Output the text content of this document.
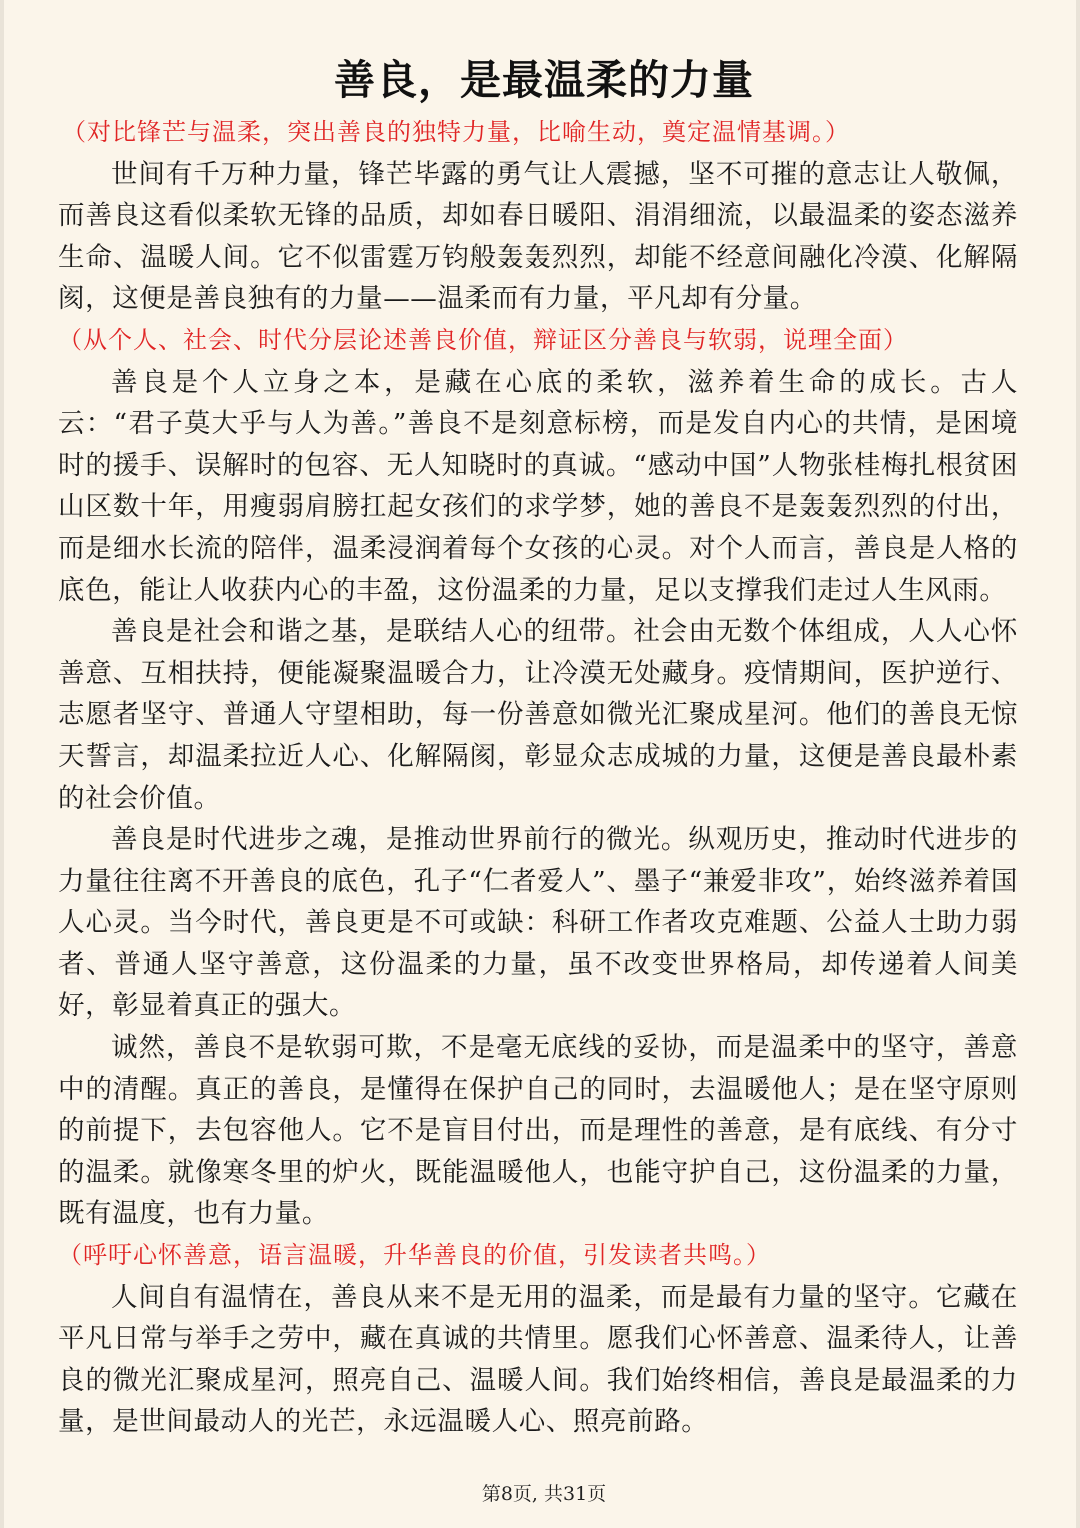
善良，是最温柔的力量

（对比锋芒与温柔，突出善良的独特力量，比喻生动，奠定温情基调。）

世间有千万种力量，锋芒毕露的勇气让人震撼，坚不可摧的意志让人敬佩，而善良这看似柔软无锋的品质，却如春日暖阳、涓涓细流，以最温柔的姿态滋养生命、温暖人间。它不似雷霆万钧般轰轰烈烈，却能不经意间融化冷漠、化解隔阂，这便是善良独有的力量——温柔而有力量，平凡却有分量。

（从个人、社会、时代分层论述善良价值，辩证区分善良与软弱，说理全面）

善良是个人立身之本，是藏在心底的柔软，滋养着生命的成长。古人云：“君子莫大乎与人为善。”善良不是刻意标榜，而是发自内心的共情，是困境时的援手、误解时的包容、无人知晓时的真诚。“感动中国”人物张桂梅扎根贫困山区数十年，用瘦弱肩膀扛起女孩们的求学梦，她的善良不是轰轰烈烈的付出，而是细水长流的陪伴，温柔浸润着每个女孩的心灵。对个人而言，善良是人格的底色，能让人收获内心的丰盈，这份温柔的力量，足以支撑我们走过人生风雨。

善良是社会和谐之基，是联结人心的纽带。社会由无数个体组成，人人心怀善意、互相扶持，便能凝聚温暖合力，让冷漠无处藏身。疫情期间，医护逆行、志愿者坚守、普通人守望相助，每一份善意如微光汇聚成星河。他们的善良无惊天誓言，却温柔拉近人心、化解隔阂，彰显众志成城的力量，这便是善良最朴素的社会价值。

善良是时代进步之魂，是推动世界前行的微光。纵观历史，推动时代进步的力量往往离不开善良的底色，孔子“仁者爱人”、墨子“兼爱非攻”，始终滋养着国人心灵。当今时代，善良更是不可或缺：科研工作者攻克难题、公益人士助力弱者、普通人坚守善意，这份温柔的力量，虽不改变世界格局，却传递着人间美好，彰显着真正的强大。

诚然，善良不是软弱可欺，不是毫无底线的妥协，而是温柔中的坚守，善意中的清醒。真正的善良，是懂得在保护自己的同时，去温暖他人；是在坚守原则的前提下，去包容他人。它不是盲目付出，而是理性的善意，是有底线、有分寸的温柔。就像寒冬里的炉火，既能温暖他人，也能守护自己，这份温柔的力量，既有温度，也有力量。

（呼吁心怀善意，语言温暖，升华善良的价值，引发读者共鸣。）

人间自有温情在，善良从来不是无用的温柔，而是最有力量的坚守。它藏在平凡日常与举手之劳中，藏在真诚的共情里。愿我们心怀善意、温柔待人，让善良的微光汇聚成星河，照亮自己、温暖人间。我们始终相信，善良是最温柔的力量，是世间最动人的光芒，永远温暖人心、照亮前路。

第8页, 共31页
